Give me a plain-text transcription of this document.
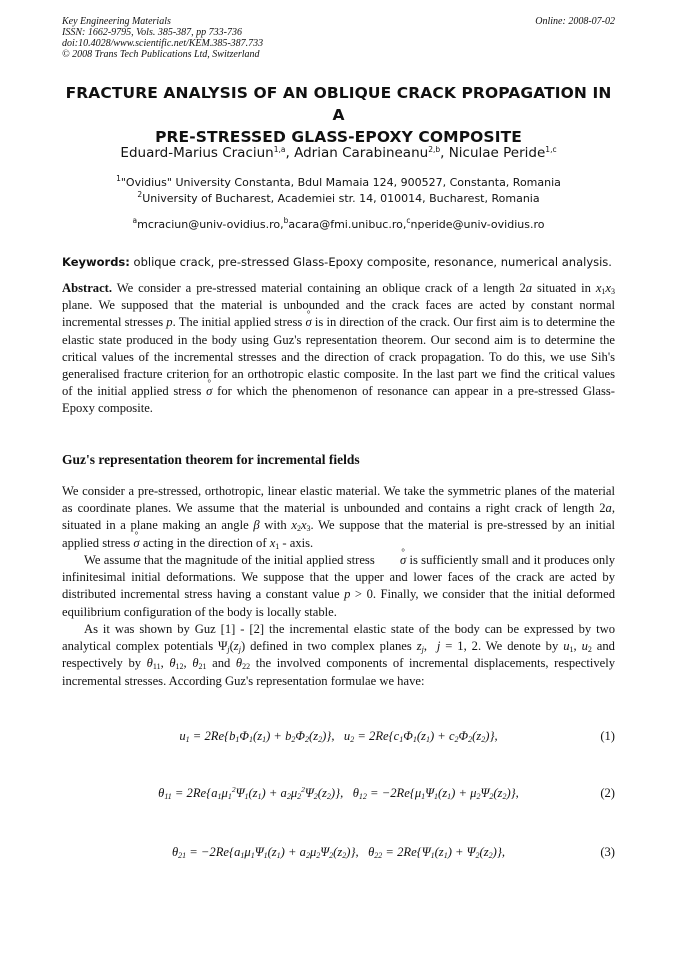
Key Engineering Materials
ISSN: 1662-9795, Vols. 385-387, pp 733-736
doi:10.4028/www.scientific.net/KEM.385-387.733
© 2008 Trans Tech Publications Ltd, Switzerland
Online: 2008-07-02
FRACTURE ANALYSIS OF AN OBLIQUE CRACK PROPAGATION IN A
PRE-STRESSED GLASS-EPOXY COMPOSITE
Eduard-Marius Craciun$^{1,a}$, Adrian Carabineanu$^{2,b}$, Niculae Peride$^{1,c}$
$^1$"Ovidius" University Constanta, Bdul Mamaia 124, 900527, Constanta, Romania
$^2$University of Bucharest, Academiei str. 14, 010014, Bucharest, Romania
$^a$mcraciun@univ-ovidius.ro,$^b$acara@fmi.unibuc.ro,$^c$nperide@univ-ovidius.ro
Keywords: oblique crack, pre-stressed Glass-Epoxy composite, resonance, numerical analysis.
Abstract. We consider a pre-stressed material containing an oblique crack of a length 2a situated in $x_1x_3$ plane. We supposed that the material is unbounded and the crack faces are acted by constant normal incremental stresses p. The initial applied stress ° σ is in direction of the crack. Our first aim is to determine the elastic state produced in the body using Guz's representation theorem. Our second aim is to determine the critical values of the incremental stresses and the direction of crack propagation. To do this, we use Sih's generalised fracture criterion for an orthotropic elastic composite. In the last part we find the critical values of the initial applied stress ° σ for which the phenomenon of resonance can appear in a pre-stressed Glass-Epoxy composite.
Guz's representation theorem for incremental fields
We consider a pre-stressed, orthotropic, linear elastic material. We take the symmetric planes of the material as coordinate planes. We assume that the material is unbounded and contains a right crack of length 2a, situated in a plane making an angle β with $x_2x_3$. We suppose that the material is pre-stressed by an initial applied stress ° σ acting in the direction of $x_1$ - axis.
We assume that the magnitude of the initial applied stress ° σ is sufficiently small and it produces only infinitesimal initial deformations. We suppose that the upper and lower faces of the crack are acted by distributed incremental stress having a constant value p > 0. Finally, we consider that the initial deformed equilibrium configuration of the body is locally stable.
As it was shown by Guz [1] - [2] the incremental elastic state of the body can be expressed by two analytical complex potentials $\Psi_j(z_j)$ defined in two complex planes $z_j$,  j = 1, 2. We denote by $u_1$, $u_2$ and respectively by $\theta_{11}$, $\theta_{12}$, $\theta_{21}$ and $\theta_{22}$ the involved components of incremental displacements, respectively incremental stresses. According Guz's representation formulae we have:
$u_1 = 2Re\{b_1\Phi_1(z_1) + b_2\Phi_2(z_2)\}$,   $u_2 = 2Re\{c_1\Phi_1(z_1) + c_2\Phi_2(z_2)\}$,	(1)
$\theta_{11} = 2Re\{a_1\mu_1^2\Psi_1(z_1) + a_2\mu_2^2\Psi_2(z_2)\}$,   $\theta_{12} = -2Re\{\mu_1\Psi_1(z_1) + \mu_2\Psi_2(z_2)\}$,	(2)
$\theta_{21} = -2Re\{a_1\mu_1\Psi_1(z_1) + a_2\mu_2\Psi_2(z_2)\}$,   $\theta_{22} = 2Re\{\Psi_1(z_1) + \Psi_2(z_2)\}$,	(3)
